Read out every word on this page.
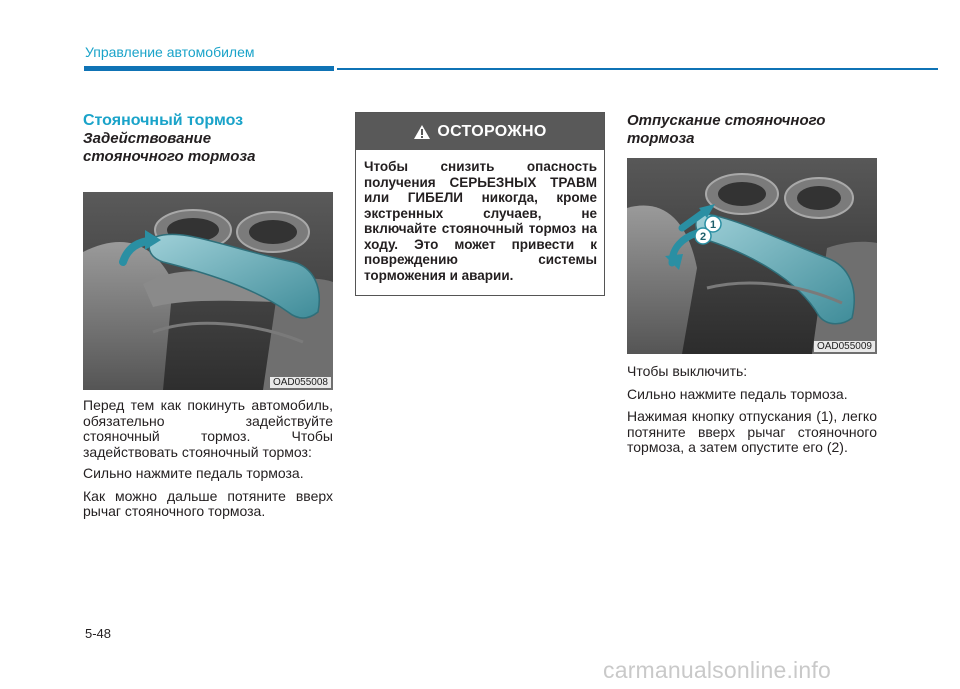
Управление автомобилем
Стояночный тормоз
Задействование
стояночного тормоза
OAD055008
Перед тем как покинуть автомобиль, обязательно задействуйте стояночный тормоз. Чтобы задействовать стояночный тормоз:
Сильно нажмите педаль тормоза.
Как можно дальше потяните вверх рычаг стояночного тормоза.
ОСТОРОЖНО
Чтобы снизить опасность получения СЕРЬЕЗНЫХ ТРАВМ или ГИБЕЛИ никогда, кроме экстренных случаев, не включайте стояночный тормоз на ходу. Это может привести к повреждению системы торможения и аварии.
Отпускание стояночного
тормоза
1
2
OAD055009
Чтобы выключить:
Сильно нажмите педаль тормоза.
Нажимая кнопку отпускания (1), легко потяните вверх рычаг стояночного тормоза, а затем опустите его (2).
5-48
carmanualsonline.info
